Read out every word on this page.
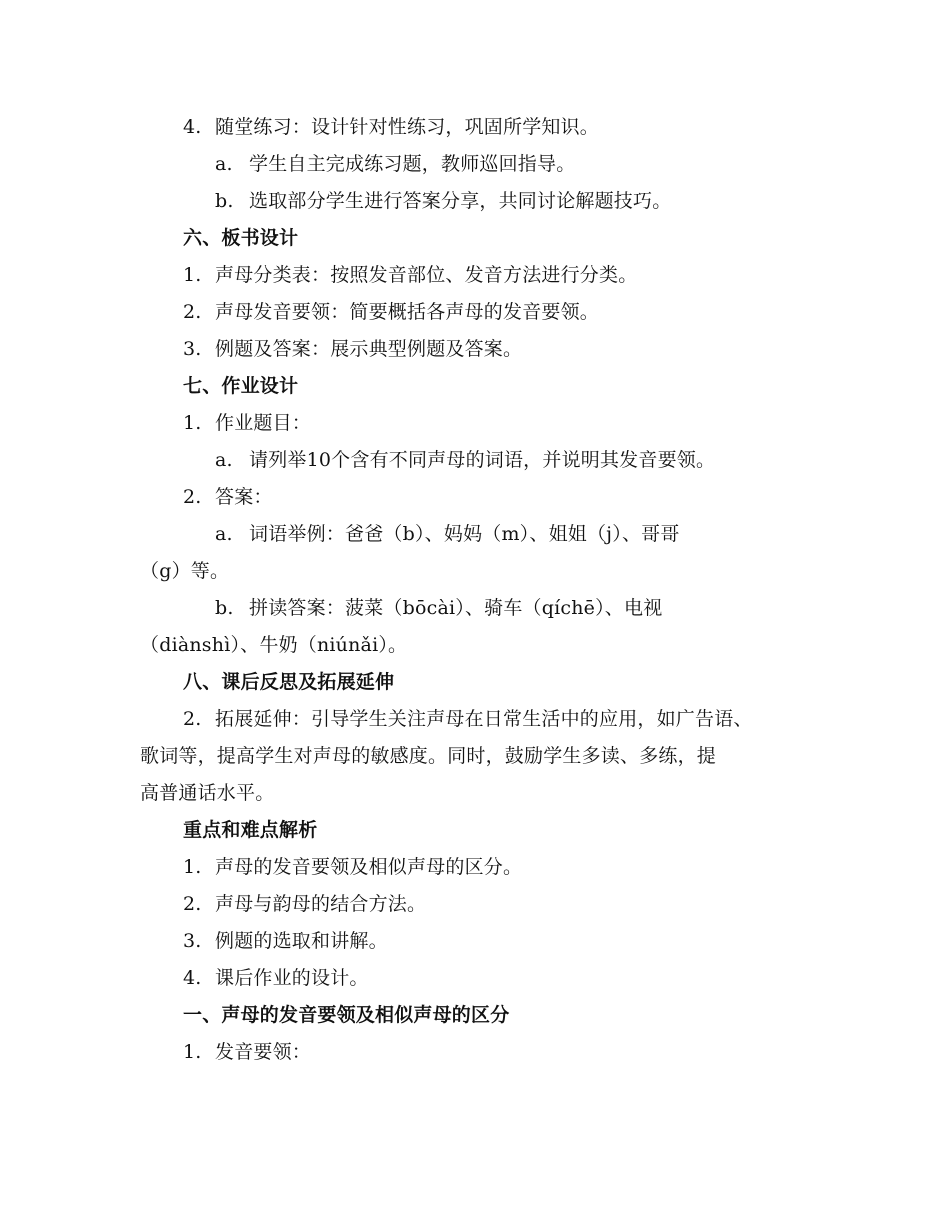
4. 随堂练习：设计针对性练习，巩固所学知识。
a. 学生自主完成练习题，教师巡回指导。
b. 选取部分学生进行答案分享，共同讨论解题技巧。
六、板书设计
1. 声母分类表：按照发音部位、发音方法进行分类。
2. 声母发音要领：简要概括各声母的发音要领。
3. 例题及答案：展示典型例题及答案。
七、作业设计
1. 作业题目：
a. 请列举10个含有不同声母的词语，并说明其发音要领。
2. 答案：
a. 词语举例：爸爸（b）、妈妈（m）、姐姐（j）、哥哥
（g）等。
b. 拼读答案：菠菜（bōcài）、骑车（qíchē）、电视
（diànshì）、牛奶（niúnǎi）。
八、课后反思及拓展延伸
2. 拓展延伸：引导学生关注声母在日常生活中的应用，如广告语、
歌词等，提高学生对声母的敏感度。同时，鼓励学生多读、多练，提
高普通话水平。
重点和难点解析
1. 声母的发音要领及相似声母的区分。
2. 声母与韵母的结合方法。
3. 例题的选取和讲解。
4. 课后作业的设计。
一、声母的发音要领及相似声母的区分
1. 发音要领：
